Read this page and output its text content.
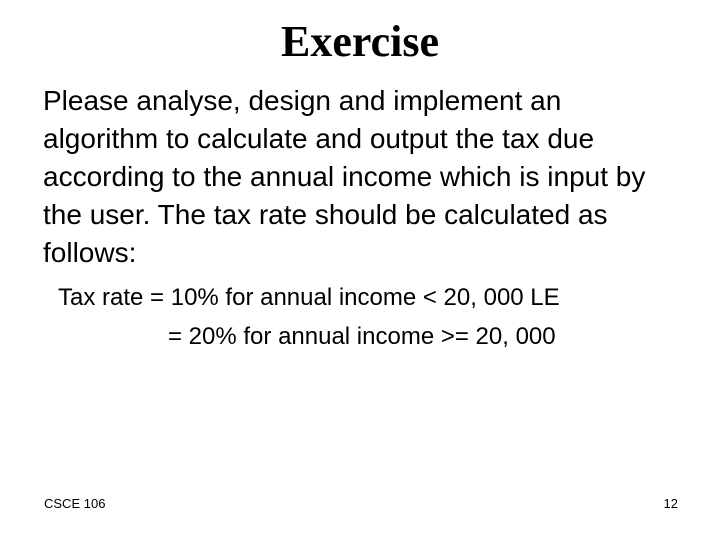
Exercise

Please analyse, design and implement an algorithm to calculate and output the tax due according to the annual income which is input by the user. The tax rate should be calculated as follows:

Tax rate = 10% for annual income < 20, 000 LE
= 20% for annual income >= 20, 000
CSCE 106	12
